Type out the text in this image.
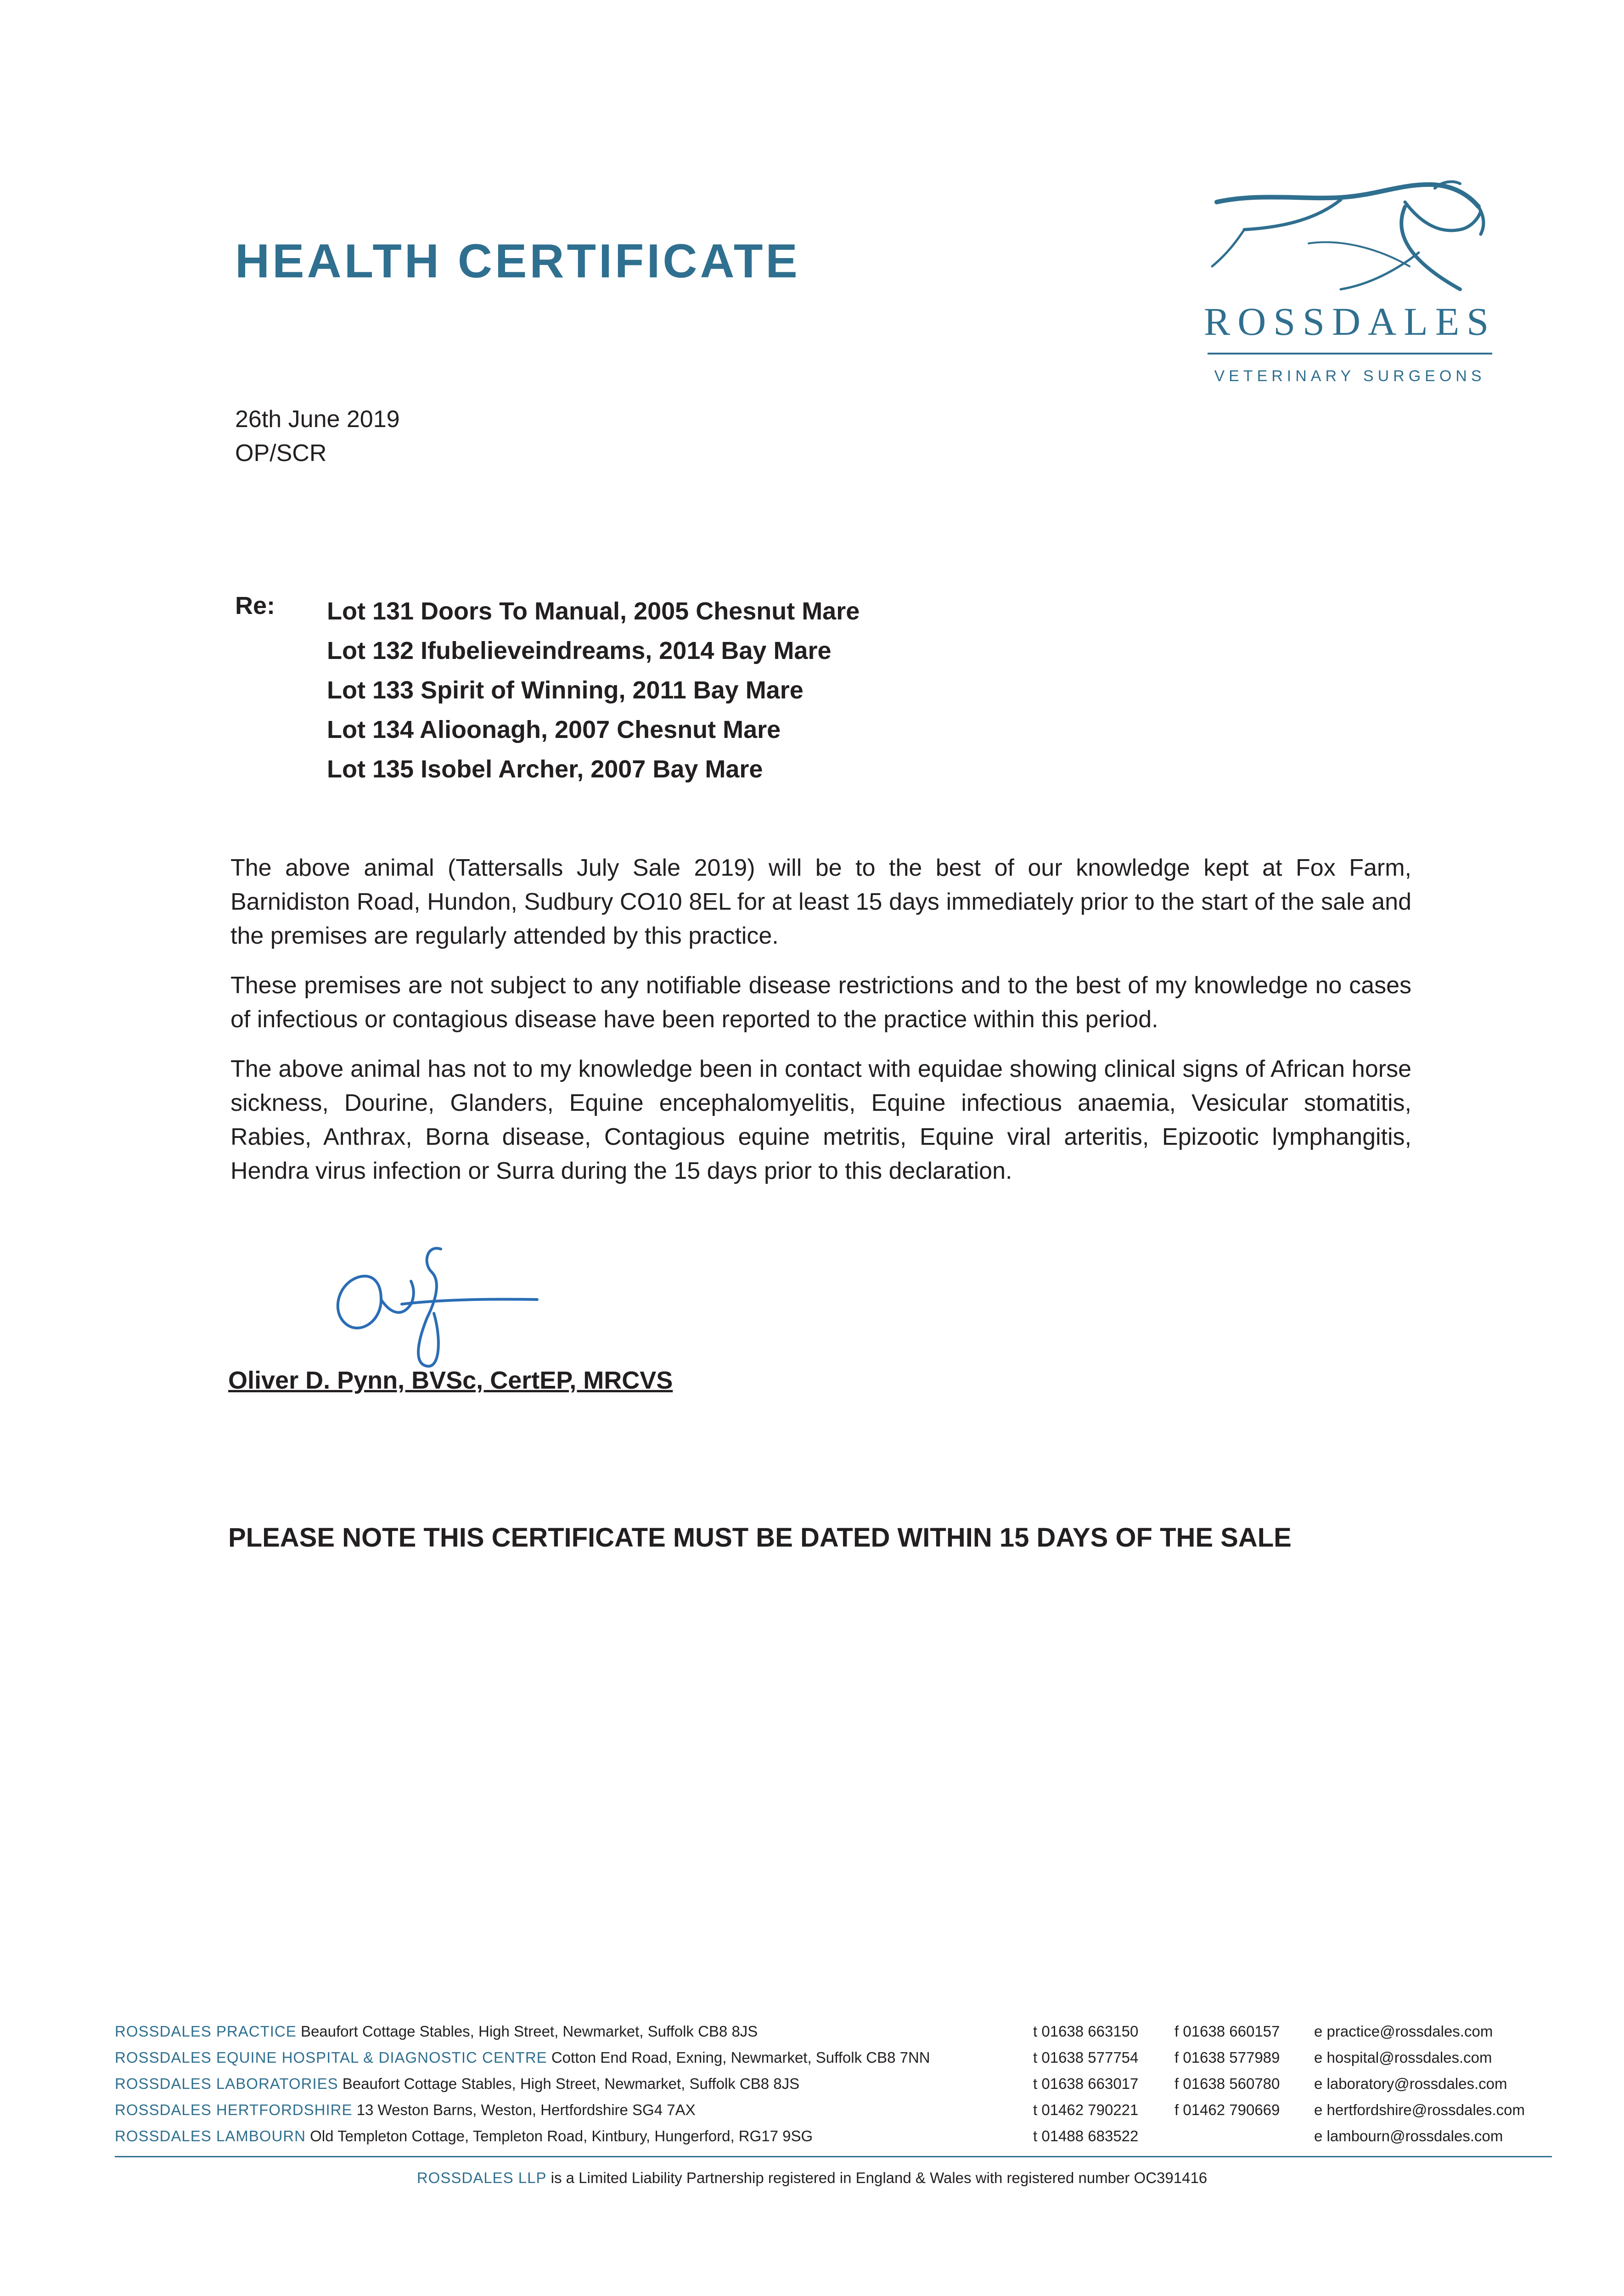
HEALTH CERTIFICATE
ROSSDALES
VETERINARY SURGEONS
26th June 2019
OP/SCR
Re: Lot 131 Doors To Manual, 2005 Chesnut Mare
Lot 132 Ifubelieveindreams, 2014 Bay Mare
Lot 133 Spirit of Winning, 2011 Bay Mare
Lot 134 Alioonagh, 2007 Chesnut Mare
Lot 135 Isobel Archer, 2007 Bay Mare

The above animal (Tattersalls July Sale 2019) will be to the best of our knowledge kept at Fox Farm, Barnidiston Road, Hundon, Sudbury CO10 8EL for at least 15 days immediately prior to the start of the sale and the premises are regularly attended by this practice.

These premises are not subject to any notifiable disease restrictions and to the best of my knowledge no cases of infectious or contagious disease have been reported to the practice within this period.

The above animal has not to my knowledge been in contact with equidae showing clinical signs of African horse sickness, Dourine, Glanders, Equine encephalomyelitis, Equine infectious anaemia, Vesicular stomatitis, Rabies, Anthrax, Borna disease, Contagious equine metritis, Equine viral arteritis, Epizootic lymphangitis, Hendra virus infection or Surra during the 15 days prior to this declaration.

Oliver D. Pynn, BVSc, CertEP, MRCVS
PLEASE NOTE THIS CERTIFICATE MUST BE DATED WITHIN 15 DAYS OF THE SALE
ROSSDALES PRACTICE Beaufort Cottage Stables, High Street, Newmarket, Suffolk CB8 8JS	t 01638 663150 f 01638 660157 e practice@rossdales.com
ROSSDALES EQUINE HOSPITAL & DIAGNOSTIC CENTRE Cotton End Road, Exning, Newmarket, Suffolk CB8 7NN	t 01638 577754 f 01638 577989 e hospital@rossdales.com
ROSSDALES LABORATORIES Beaufort Cottage Stables, High Street, Newmarket, Suffolk CB8 8JS	t 01638 663017 f 01638 560780 e laboratory@rossdales.com
ROSSDALES HERTFORDSHIRE 13 Weston Barns, Weston, Hertfordshire SG4 7AX	t 01462 790221 f 01462 790669 e hertfordshire@rossdales.com
ROSSDALES LAMBOURN Old Templeton Cottage, Templeton Road, Kintbury, Hungerford, RG17 9SG	t 01488 683522	e lambourn@rossdales.com
ROSSDALES LLP is a Limited Liability Partnership registered in England & Wales with registered number OC391416
